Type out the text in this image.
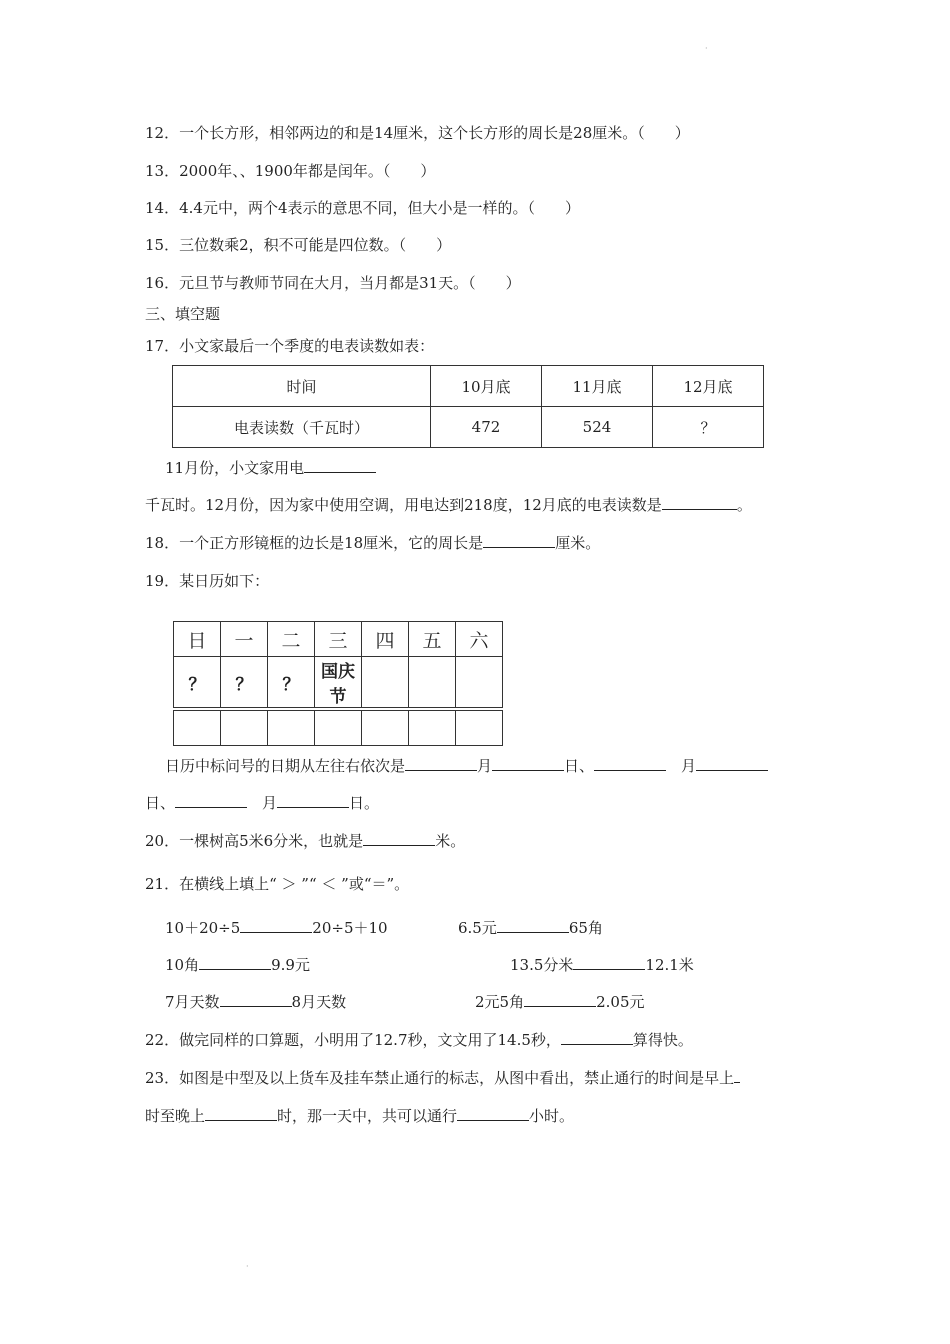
·
12．一个长方形，相邻两边的和是14厘米，这个长方形的周长是28厘米。（　　）
13．2000年、、1900年都是闰年。（　　）
14．4.4元中，两个4表示的意思不同，但大小是一样的。（　　）
15．三位数乘2，积不可能是四位数。（　　）
16．元旦节与教师节同在大月，当月都是31天。（　　）
三、填空题
17．小文家最后一个季度的电表读数如表：
时间	10月底	11月底	12月底
电表读数（千瓦时）	472	524	？
11月份，小文家用电
千瓦时。12月份，因为家中使用空调，用电达到218度，12月底的电表读数是	。
18．一个正方形镜框的边长是18厘米，它的周长是	厘米。
19．某日历如下：
日	一	二	三	四	五	六
？	？	？	国庆节			

日历中标问号的日期从左往右依次是	月	日、	　月
日、	　月	日。
20．一棵树高5米6分米，也就是	米。
21．在横线上填上“ ＞ ”“ ＜ ”或“＝”。
10＋20÷5	20÷5＋10	6.5元	65角
10角	9.9元	13.5分米	12.1米
7月天数	8月天数	2元5角	2.05元
22．做完同样的口算题，小明用了12.7秒，文文用了14.5秒，	算得快。
23．如图是中型及以上货车及挂车禁止通行的标志，从图中看出，禁止通行的时间是早上
时至晚上	时，那一天中，共可以通行	小时。
·
